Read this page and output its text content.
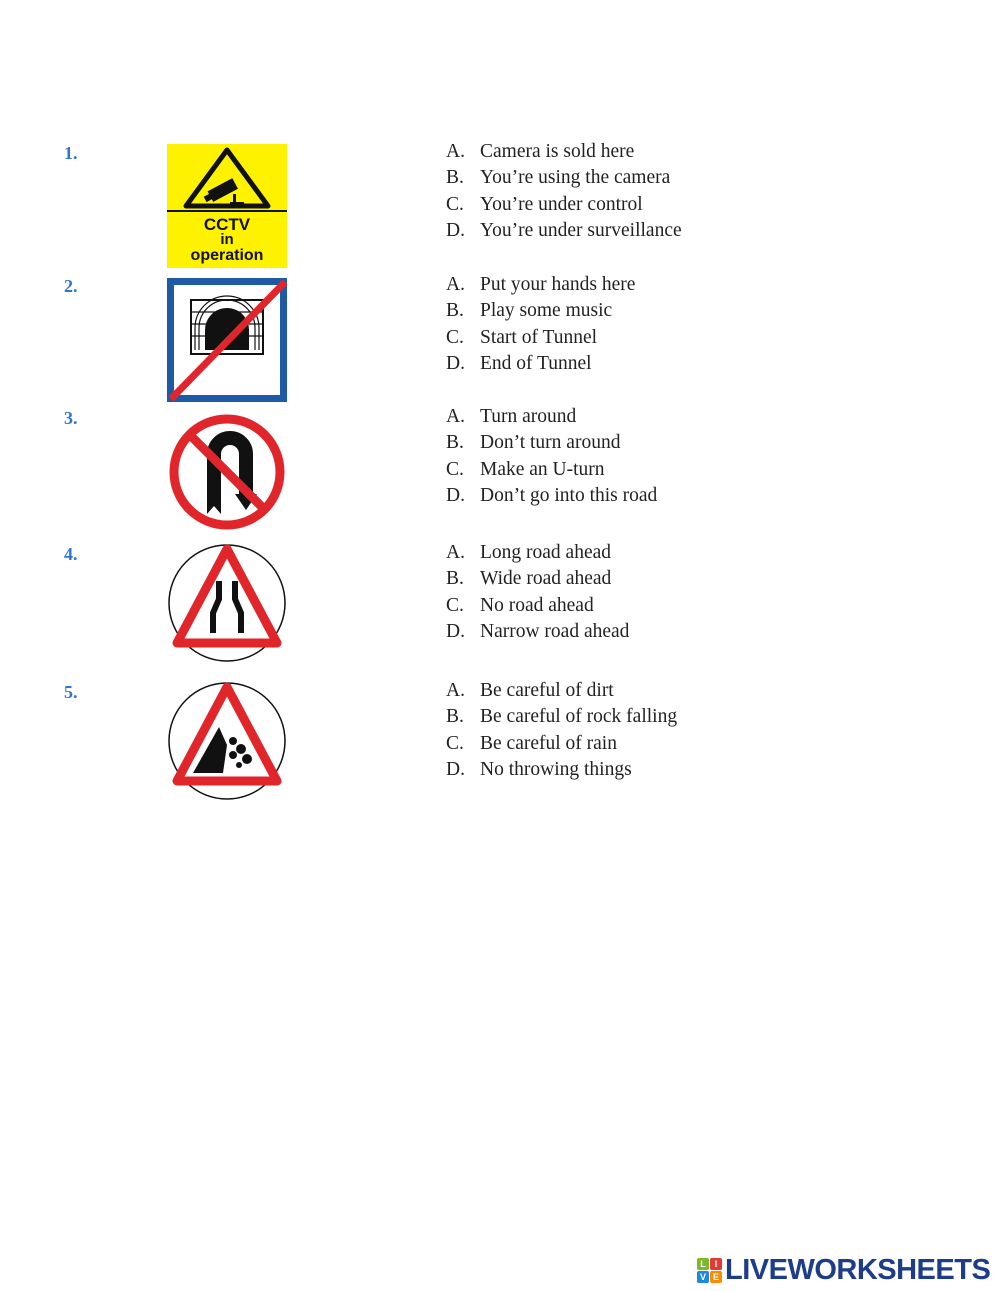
1.
CCTV
in
operation
A. Camera is sold here
B. You’re using the camera
C. You’re under control
D. You’re under surveillance
2.	A. Put your hands here
B. Play some music
C. Start of Tunnel
D. End of Tunnel
3.	A. Turn around
B. Don’t turn around
C. Make an U-turn
D. Don’t go into this road
4.	A. Long road ahead
B. Wide road ahead
C. No road ahead
D. Narrow road ahead
5.	A. Be careful of dirt
B. Be careful of rock falling
C. Be careful of rain
D. No throwing things
L I
V E LIVEWORKSHEETS
